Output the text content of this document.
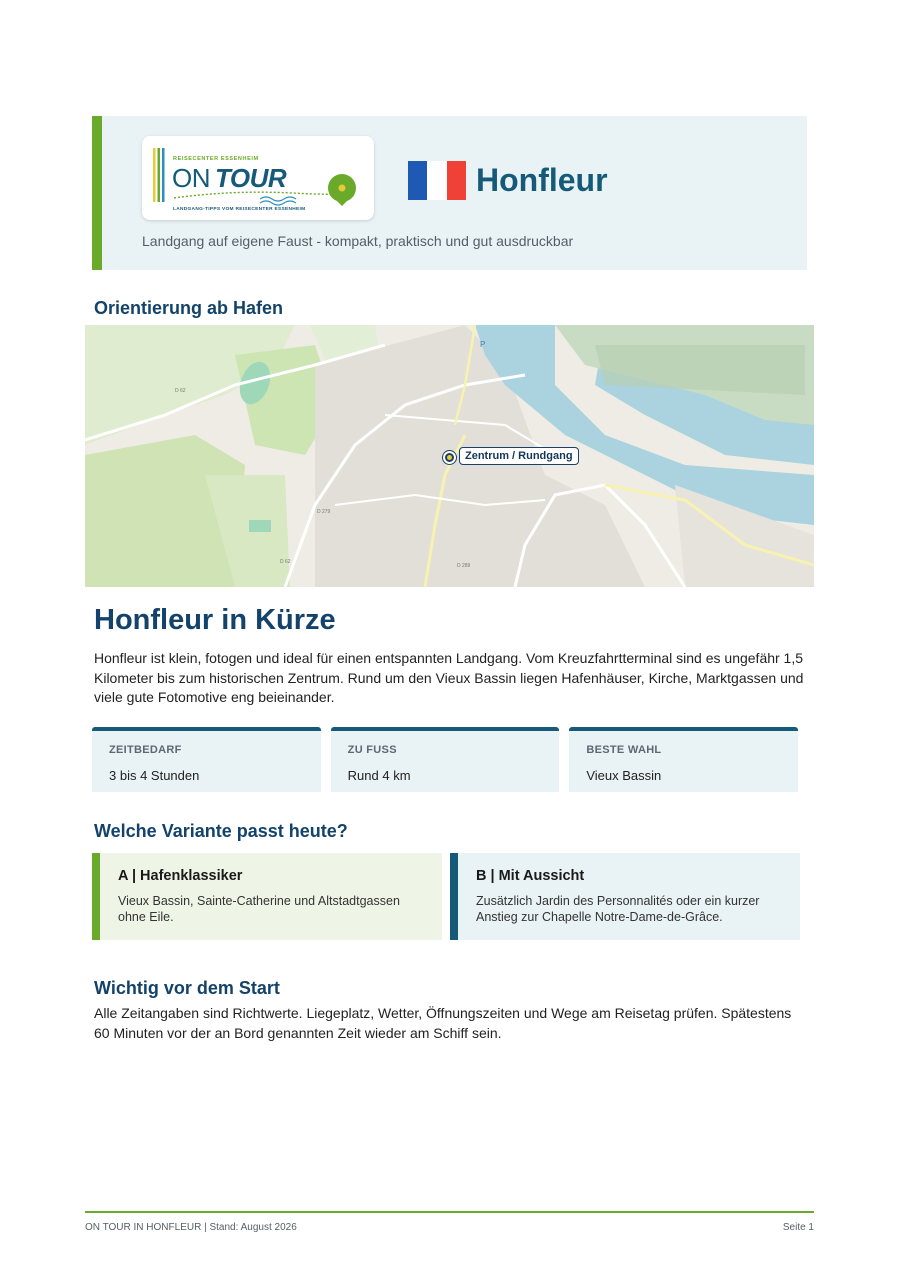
REISECENTER ESSENHEIM
ON TOUR
LANDGANG-TIPPS VOM REISECENTER ESSENHEIM
Honfleur
Landgang auf eigene Faust - kompakt, praktisch und gut ausdruckbar
Orientierung ab Hafen
D 62
D 62
D 279
D 289
P
Zentrum / Rundgang
Honfleur in Kürze
Honfleur ist klein, fotogen und ideal für einen entspannten Landgang. Vom Kreuzfahrtterminal sind es ungefähr 1,5 Kilometer bis zum historischen Zentrum. Rund um den Vieux Bassin liegen Hafenhäuser, Kirche, Marktgassen und viele gute Fotomotive eng beieinander.
ZEITBEDARF
3 bis 4 Stunden
ZU FUSS
Rund 4 km
BESTE WAHL
Vieux Bassin
Welche Variante passt heute?
A | Hafenklassiker
Vieux Bassin, Sainte-Catherine und Altstadtgassen ohne Eile.
B | Mit Aussicht
Zusätzlich Jardin des Personnalités oder ein kurzer Anstieg zur Chapelle Notre-Dame-de-Grâce.
Wichtig vor dem Start
Alle Zeitangaben sind Richtwerte. Liegeplatz, Wetter, Öffnungszeiten und Wege am Reisetag prüfen. Spätestens 60 Minuten vor der an Bord genannten Zeit wieder am Schiff sein.
ON TOUR IN HONFLEUR | Stand: August 2026	Seite 1
